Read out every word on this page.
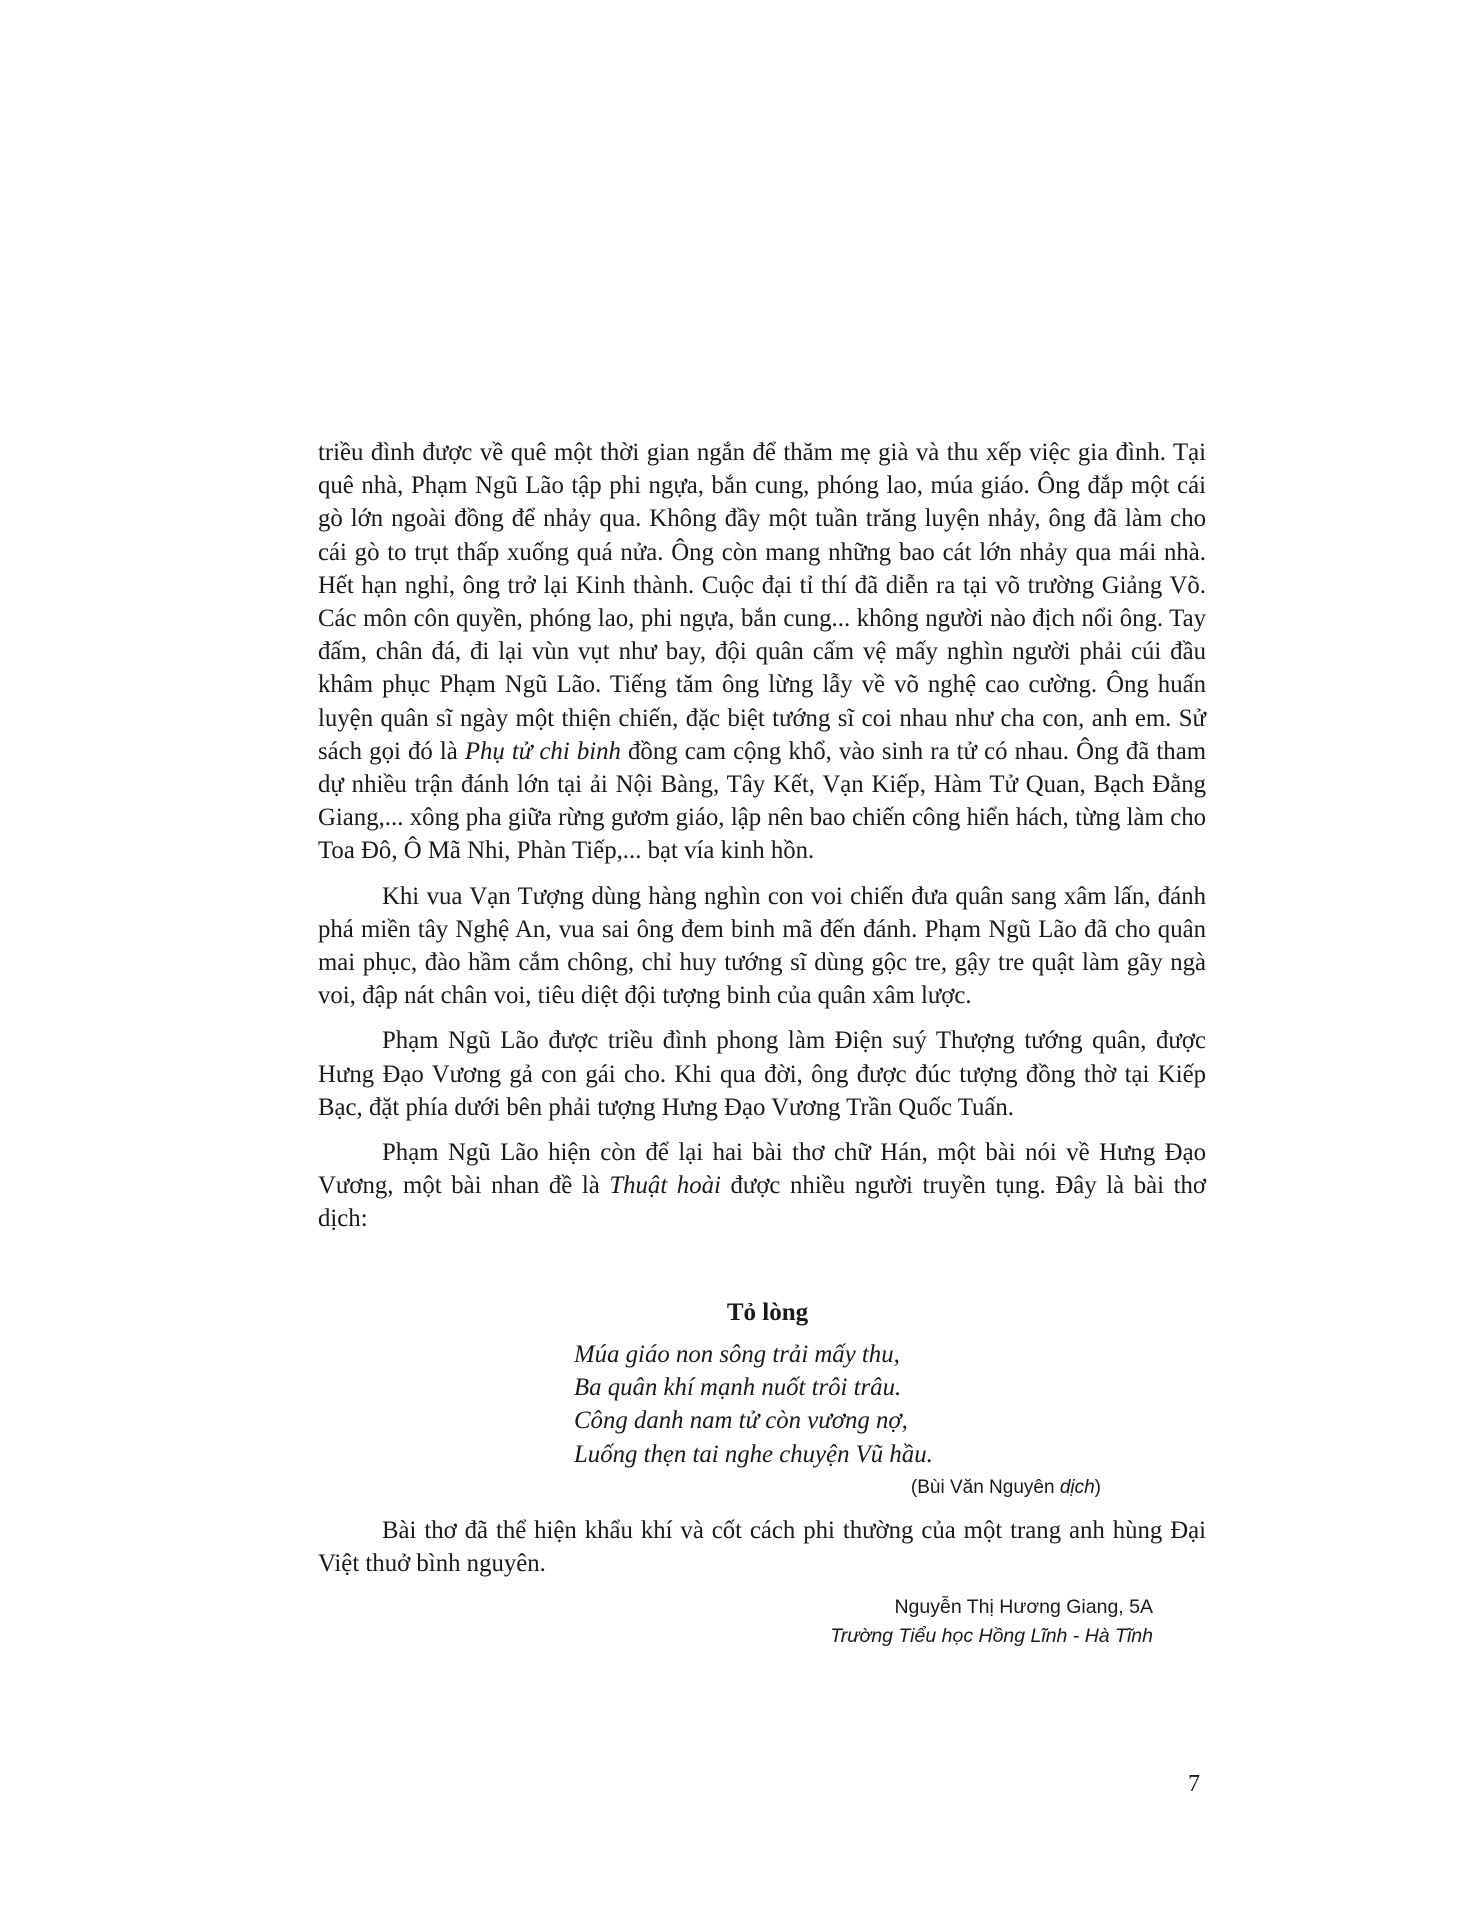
triều đình được về quê một thời gian ngắn để thăm mẹ già và thu xếp việc gia đình. Tại quê nhà, Phạm Ngũ Lão tập phi ngựa, bắn cung, phóng lao, múa giáo. Ông đắp một cái gò lớn ngoài đồng để nhảy qua. Không đầy một tuần trăng luyện nhảy, ông đã làm cho cái gò to trụt thấp xuống quá nửa. Ông còn mang những bao cát lớn nhảy qua mái nhà. Hết hạn nghỉ, ông trở lại Kinh thành. Cuộc đại tỉ thí đã diễn ra tại võ trường Giảng Võ. Các môn côn quyền, phóng lao, phi ngựa, bắn cung... không người nào địch nổi ông. Tay đấm, chân đá, đi lại vùn vụt như bay, đội quân cấm vệ mấy nghìn người phải cúi đầu khâm phục Phạm Ngũ Lão. Tiếng tăm ông lừng lẫy về võ nghệ cao cường. Ông huấn luyện quân sĩ ngày một thiện chiến, đặc biệt tướng sĩ coi nhau như cha con, anh em. Sử sách gọi đó là Phụ tử chi binh đồng cam cộng khổ, vào sinh ra tử có nhau. Ông đã tham dự nhiều trận đánh lớn tại ải Nội Bàng, Tây Kết, Vạn Kiếp, Hàm Tử Quan, Bạch Đằng Giang,... xông pha giữa rừng gươm giáo, lập nên bao chiến công hiển hách, từng làm cho Toa Đô, Ô Mã Nhi, Phàn Tiếp,... bạt vía kinh hồn.

Khi vua Vạn Tượng dùng hàng nghìn con voi chiến đưa quân sang xâm lấn, đánh phá miền tây Nghệ An, vua sai ông đem binh mã đến đánh. Phạm Ngũ Lão đã cho quân mai phục, đào hầm cắm chông, chỉ huy tướng sĩ dùng gộc tre, gậy tre quật làm gãy ngà voi, đập nát chân voi, tiêu diệt đội tượng binh của quân xâm lược.

Phạm Ngũ Lão được triều đình phong làm Điện suý Thượng tướng quân, được Hưng Đạo Vương gả con gái cho. Khi qua đời, ông được đúc tượng đồng thờ tại Kiếp Bạc, đặt phía dưới bên phải tượng Hưng Đạo Vương Trần Quốc Tuấn.

Phạm Ngũ Lão hiện còn để lại hai bài thơ chữ Hán, một bài nói về Hưng Đạo Vương, một bài nhan đề là Thuật hoài được nhiều người truyền tụng. Đây là bài thơ dịch:

Tỏ lòng

Múa giáo non sông trải mấy thu,
Ba quân khí mạnh nuốt trôi trâu.
Công danh nam tử còn vương nợ,
Luống thẹn tai nghe chuyện Vũ hầu.

(Bùi Văn Nguyên dịch)

Bài thơ đã thể hiện khẩu khí và cốt cách phi thường của một trang anh hùng Đại Việt thuở bình nguyên.

Nguyễn Thị Hương Giang, 5A
Trường Tiểu học Hồng Lĩnh - Hà Tĩnh

7
